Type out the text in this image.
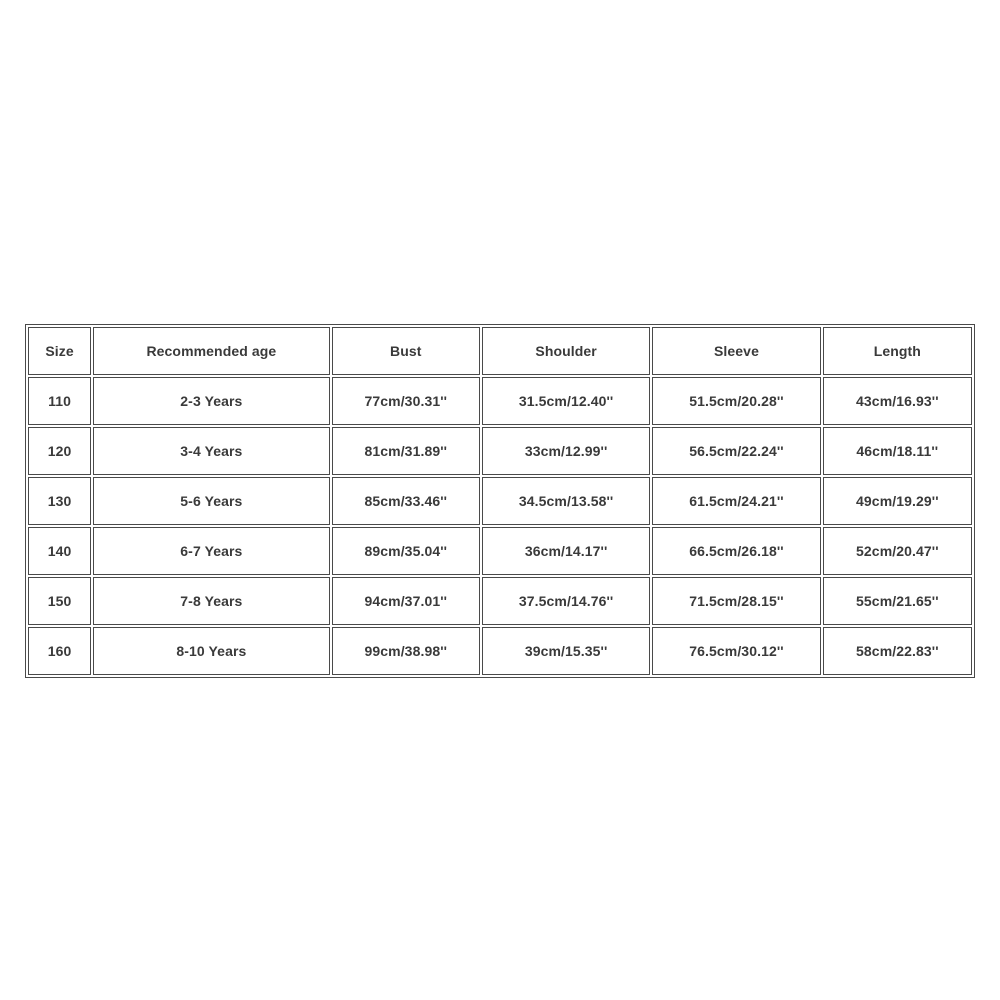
Size	Recommended age	Bust	Shoulder	Sleeve	Length
110	2-3 Years	77cm/30.31''	31.5cm/12.40''	51.5cm/20.28''	43cm/16.93''
120	3-4 Years	81cm/31.89''	33cm/12.99''	56.5cm/22.24''	46cm/18.11''
130	5-6 Years	85cm/33.46''	34.5cm/13.58''	61.5cm/24.21''	49cm/19.29''
140	6-7 Years	89cm/35.04''	36cm/14.17''	66.5cm/26.18''	52cm/20.47''
150	7-8 Years	94cm/37.01''	37.5cm/14.76''	71.5cm/28.15''	55cm/21.65''
160	8-10 Years	99cm/38.98''	39cm/15.35''	76.5cm/30.12''	58cm/22.83''
